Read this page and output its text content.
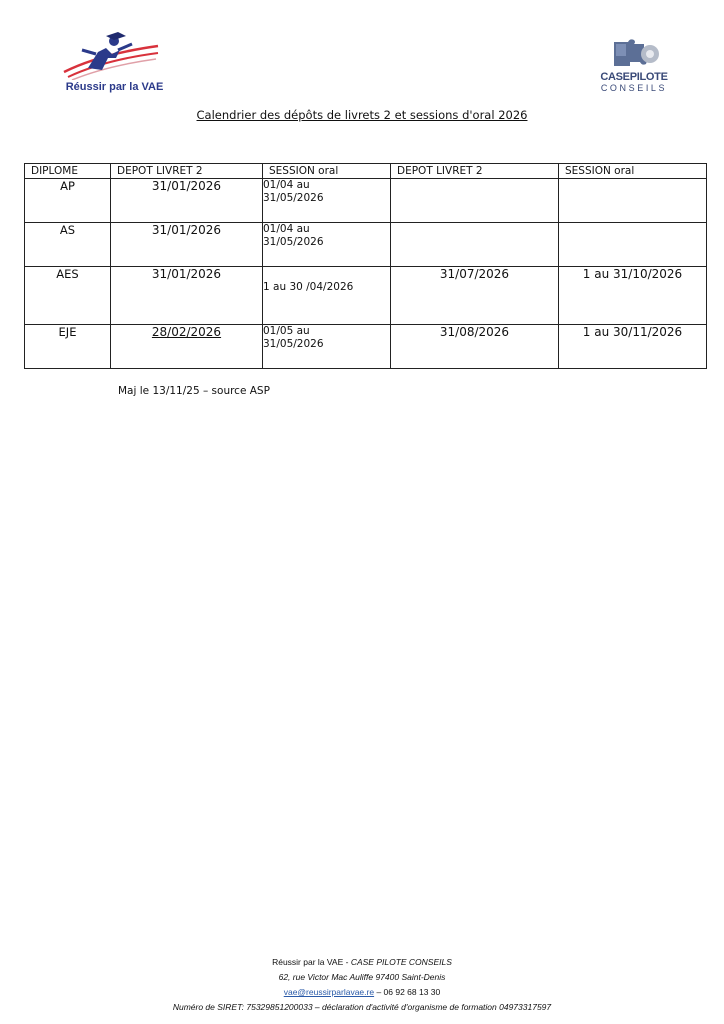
Réussir par la VAE
CASEPILOTE
CONSEILS
Calendrier des dépôts de livrets 2 et sessions d'oral 2026
DIPLOME	DEPOT LIVRET 2	SESSION oral	DEPOT LIVRET 2	SESSION oral
AP	31/01/2026	01/04 au
31/05/2026		

AS	31/01/2026	01/04 au
31/05/2026		

AES	31/01/2026	1 au 30 /04/2026	31/07/2026	1 au 31/10/2026
EJE	28/02/2026	01/05 au
31/05/2026	31/08/2026	1 au 30/11/2026
Maj le 13/11/25 – source ASP
Réussir par la VAE - CASE PILOTE CONSEILS
62, rue Victor Mac Auliffe 97400 Saint-Denis
vae@reussirparlavae.re – 06 92 68 13 30
Numéro de SIRET: 75329851200033 – déclaration d'activité d'organisme de formation 04973317597
